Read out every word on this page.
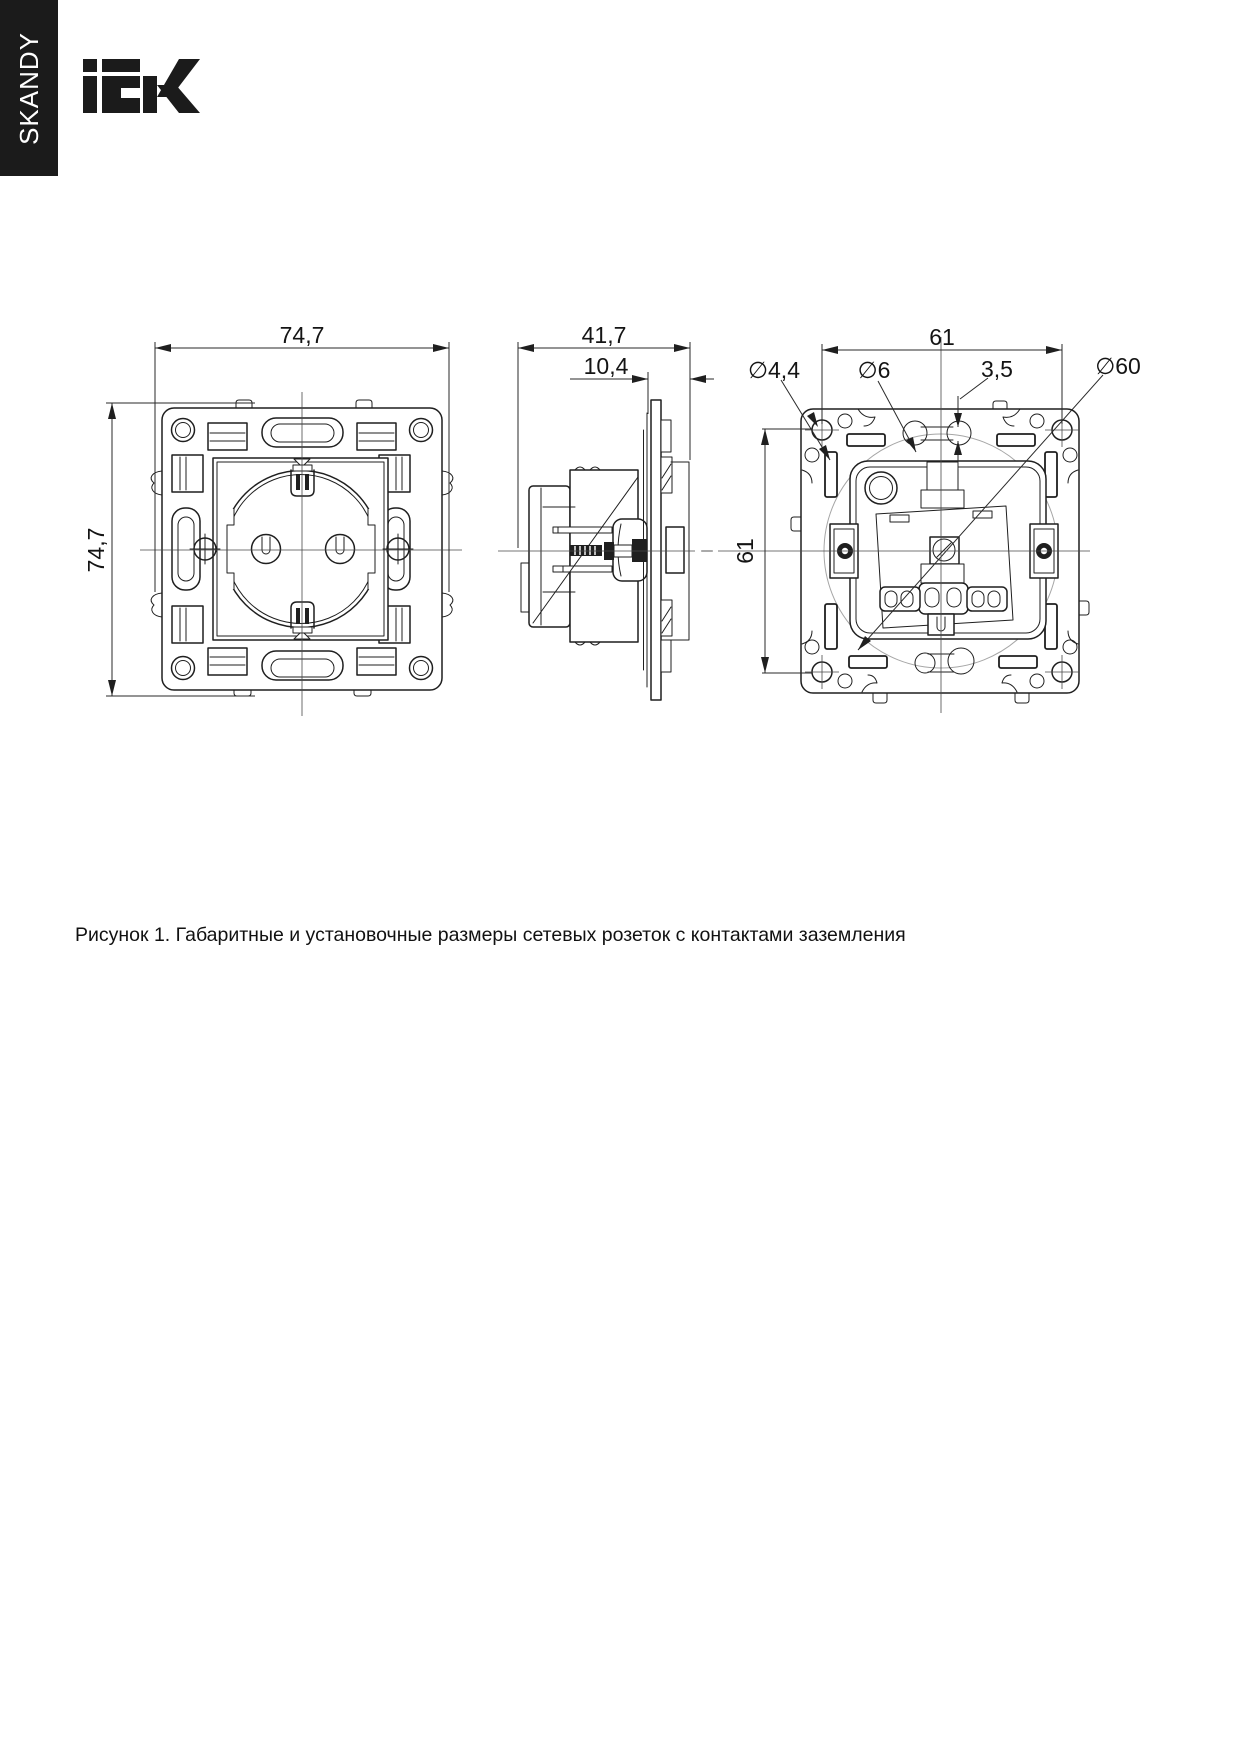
SKANDY
74,7
74,7
41,7
10,4
61
61
∅4,4	∅6	3,5	∅60
Рисунок 1. Габаритные и установочные размеры сетевых розеток с контактами заземления
